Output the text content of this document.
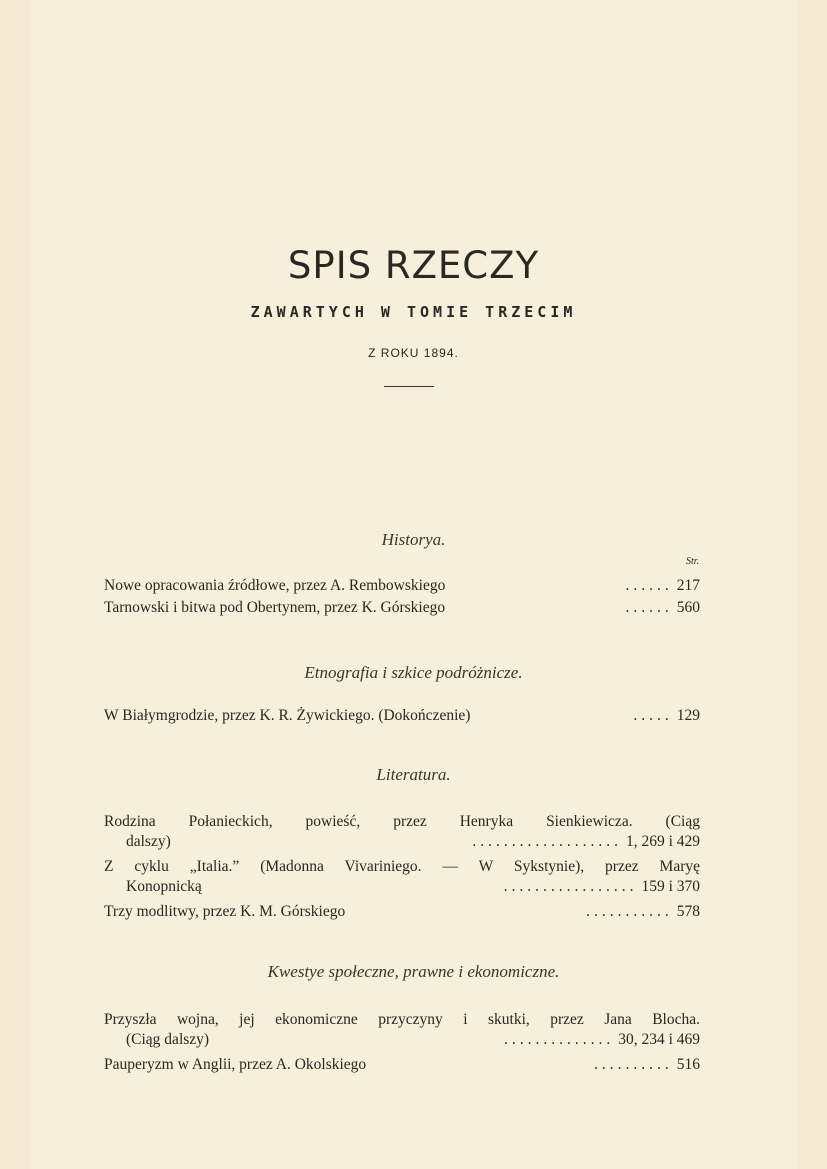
SPIS RZECZY
ZAWARTYCH W TOMIE TRZECIM
Z ROKU 1894.
Historya.
Str.
Nowe opracowania źródłowe, przez A. Rembowskiego	...... 217
Tarnowski i bitwa pod Obertynem, przez K. Górskiego	...... 560
Etnografia i szkice podróżnicze.
W Białymgrodzie, przez K. R. Żywickiego. (Dokończenie)	..... 129
Literatura.
Rodzina Połanieckich, powieść, przez Henryka Sienkiewicza. (Ciąg
dalszy)	................... 1, 269 i 429
Z cyklu „Italia.” (Madonna Vivariniego. — W Sykstynie), przez Maryę
Konopnicką	................. 159 i 370
Trzy modlitwy, przez K. M. Górskiego	........... 578
Kwestye społeczne, prawne i ekonomiczne.
Przyszła wojna, jej ekonomiczne przyczyny i skutki, przez Jana Blocha.
(Ciąg dalszy)	.............. 30, 234 i 469
Pauperyzm w Anglii, przez A. Okolskiego	.......... 516
